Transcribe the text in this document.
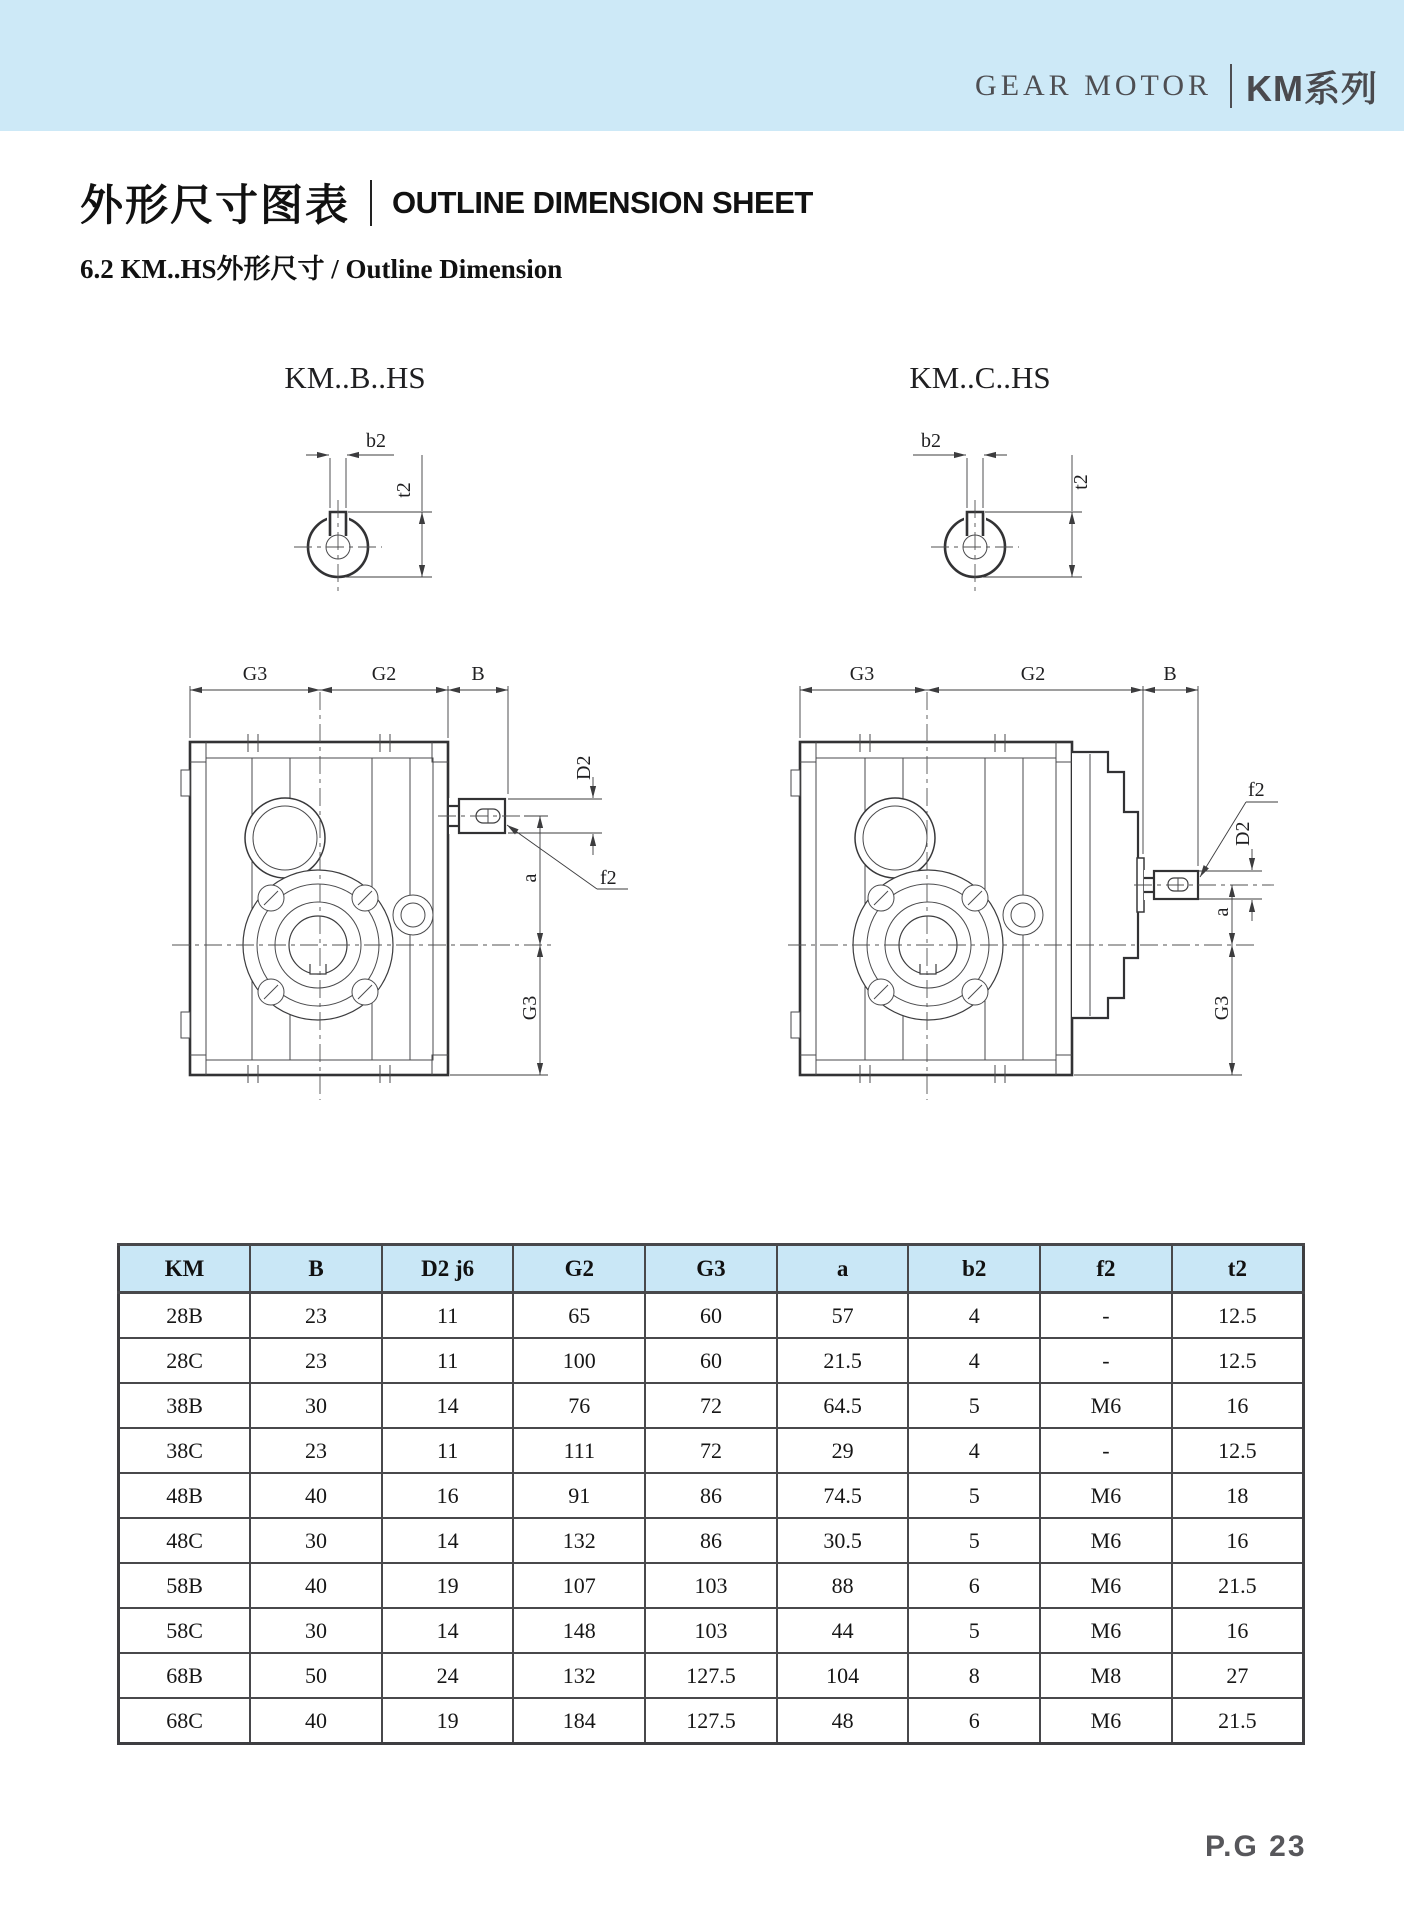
GEAR MOTOR KM系列
外形尺寸图表 OUTLINE DIMENSION SHEET
6.2 KM..HS外形尺寸 / Outline Dimension
KM..B..HS
b2
t2
G3	G2	B
D2
f2
a
G3
KM..C..HS
b2
t2
G3	G2	B
D2
f2
a
G3
KM	B	D2 j6	G2	G3	a	b2	f2	t2
28B	23	11	65	60	57	4	-	12.5
28C	23	11	100	60	21.5	4	-	12.5
38B	30	14	76	72	64.5	5	M6	16
38C	23	11	111	72	29	4	-	12.5
48B	40	16	91	86	74.5	5	M6	18
48C	30	14	132	86	30.5	5	M6	16
58B	40	19	107	103	88	6	M6	21.5
58C	30	14	148	103	44	5	M6	16
68B	50	24	132	127.5	104	8	M8	27
68C	40	19	184	127.5	48	6	M6	21.5
P.G 23
